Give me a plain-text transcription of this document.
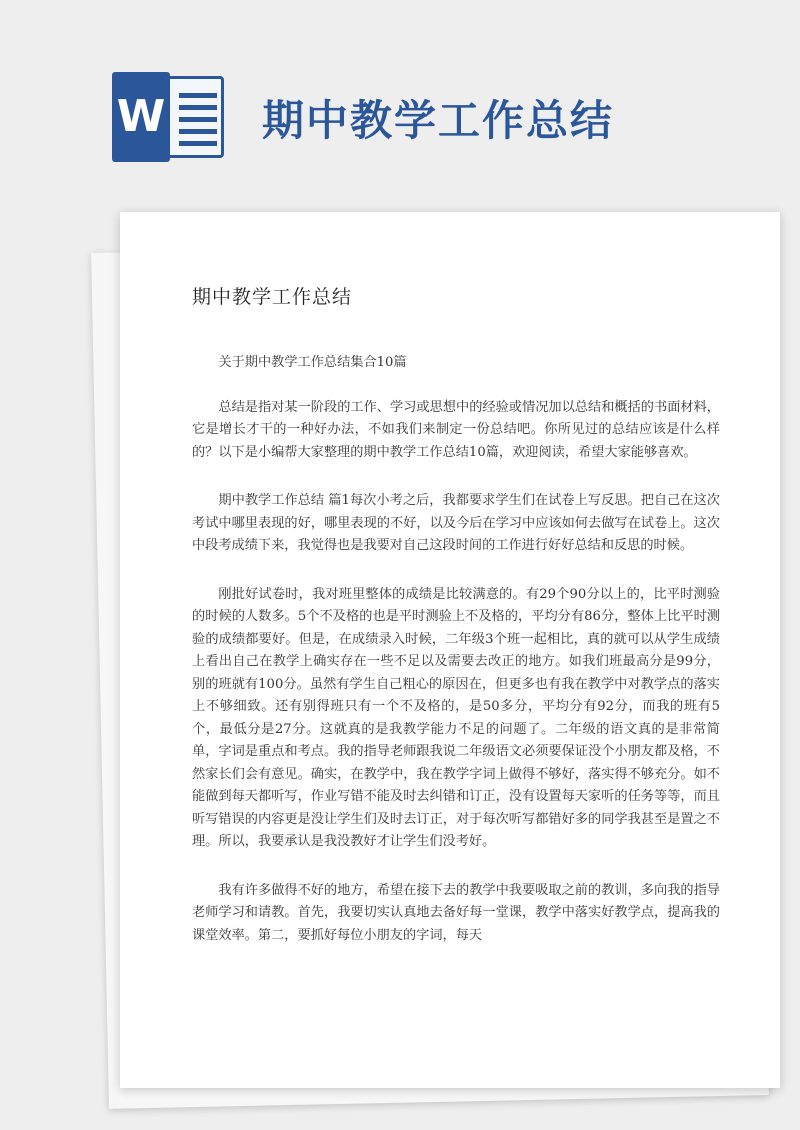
W 期中教学工作总结
期中教学工作总结

关于期中教学工作总结集合10篇

总结是指对某一阶段的工作、学习或思想中的经验或情况加以总结和概括的书面材料，它是增长才干的一种好办法，不如我们来制定一份总结吧。你所见过的总结应该是什么样的？以下是小编帮大家整理的期中教学工作总结10篇，欢迎阅读，希望大家能够喜欢。

期中教学工作总结 篇1每次小考之后，我都要求学生们在试卷上写反思。把自己在这次考试中哪里表现的好，哪里表现的不好，以及今后在学习中应该如何去做写在试卷上。这次中段考成绩下来，我觉得也是我要对自己这段时间的工作进行好好总结和反思的时候。

刚批好试卷时，我对班里整体的成绩是比较满意的。有29个90分以上的，比平时测验的时候的人数多。5个不及格的也是平时测验上不及格的，平均分有86分，整体上比平时测验的成绩都要好。但是，在成绩录入时候，二年级3个班一起相比，真的就可以从学生成绩上看出自己在教学上确实存在一些不足以及需要去改正的地方。如我们班最高分是99分，别的班就有100分。虽然有学生自己粗心的原因在，但更多也有我在教学中对教学点的落实上不够细致。还有别得班只有一个不及格的，是50多分，平均分有92分，而我的班有5个，最低分是27分。这就真的是我教学能力不足的问题了。二年级的语文真的是非常简单，字词是重点和考点。我的指导老师跟我说二年级语文必须要保证没个小朋友都及格，不然家长们会有意见。确实，在教学中，我在教学字词上做得不够好，落实得不够充分。如不能做到每天都听写，作业写错不能及时去纠错和订正，没有设置每天家听的任务等等，而且听写错误的内容更是没让学生们及时去订正，对于每次听写都错好多的同学我甚至是置之不理。所以，我要承认是我没教好才让学生们没考好。

我有许多做得不好的地方，希望在接下去的教学中我要吸取之前的教训，多向我的指导老师学习和请教。首先，我要切实认真地去备好每一堂课，教学中落实好教学点，提高我的课堂效率。第二，要抓好每位小朋友的字词，每天
